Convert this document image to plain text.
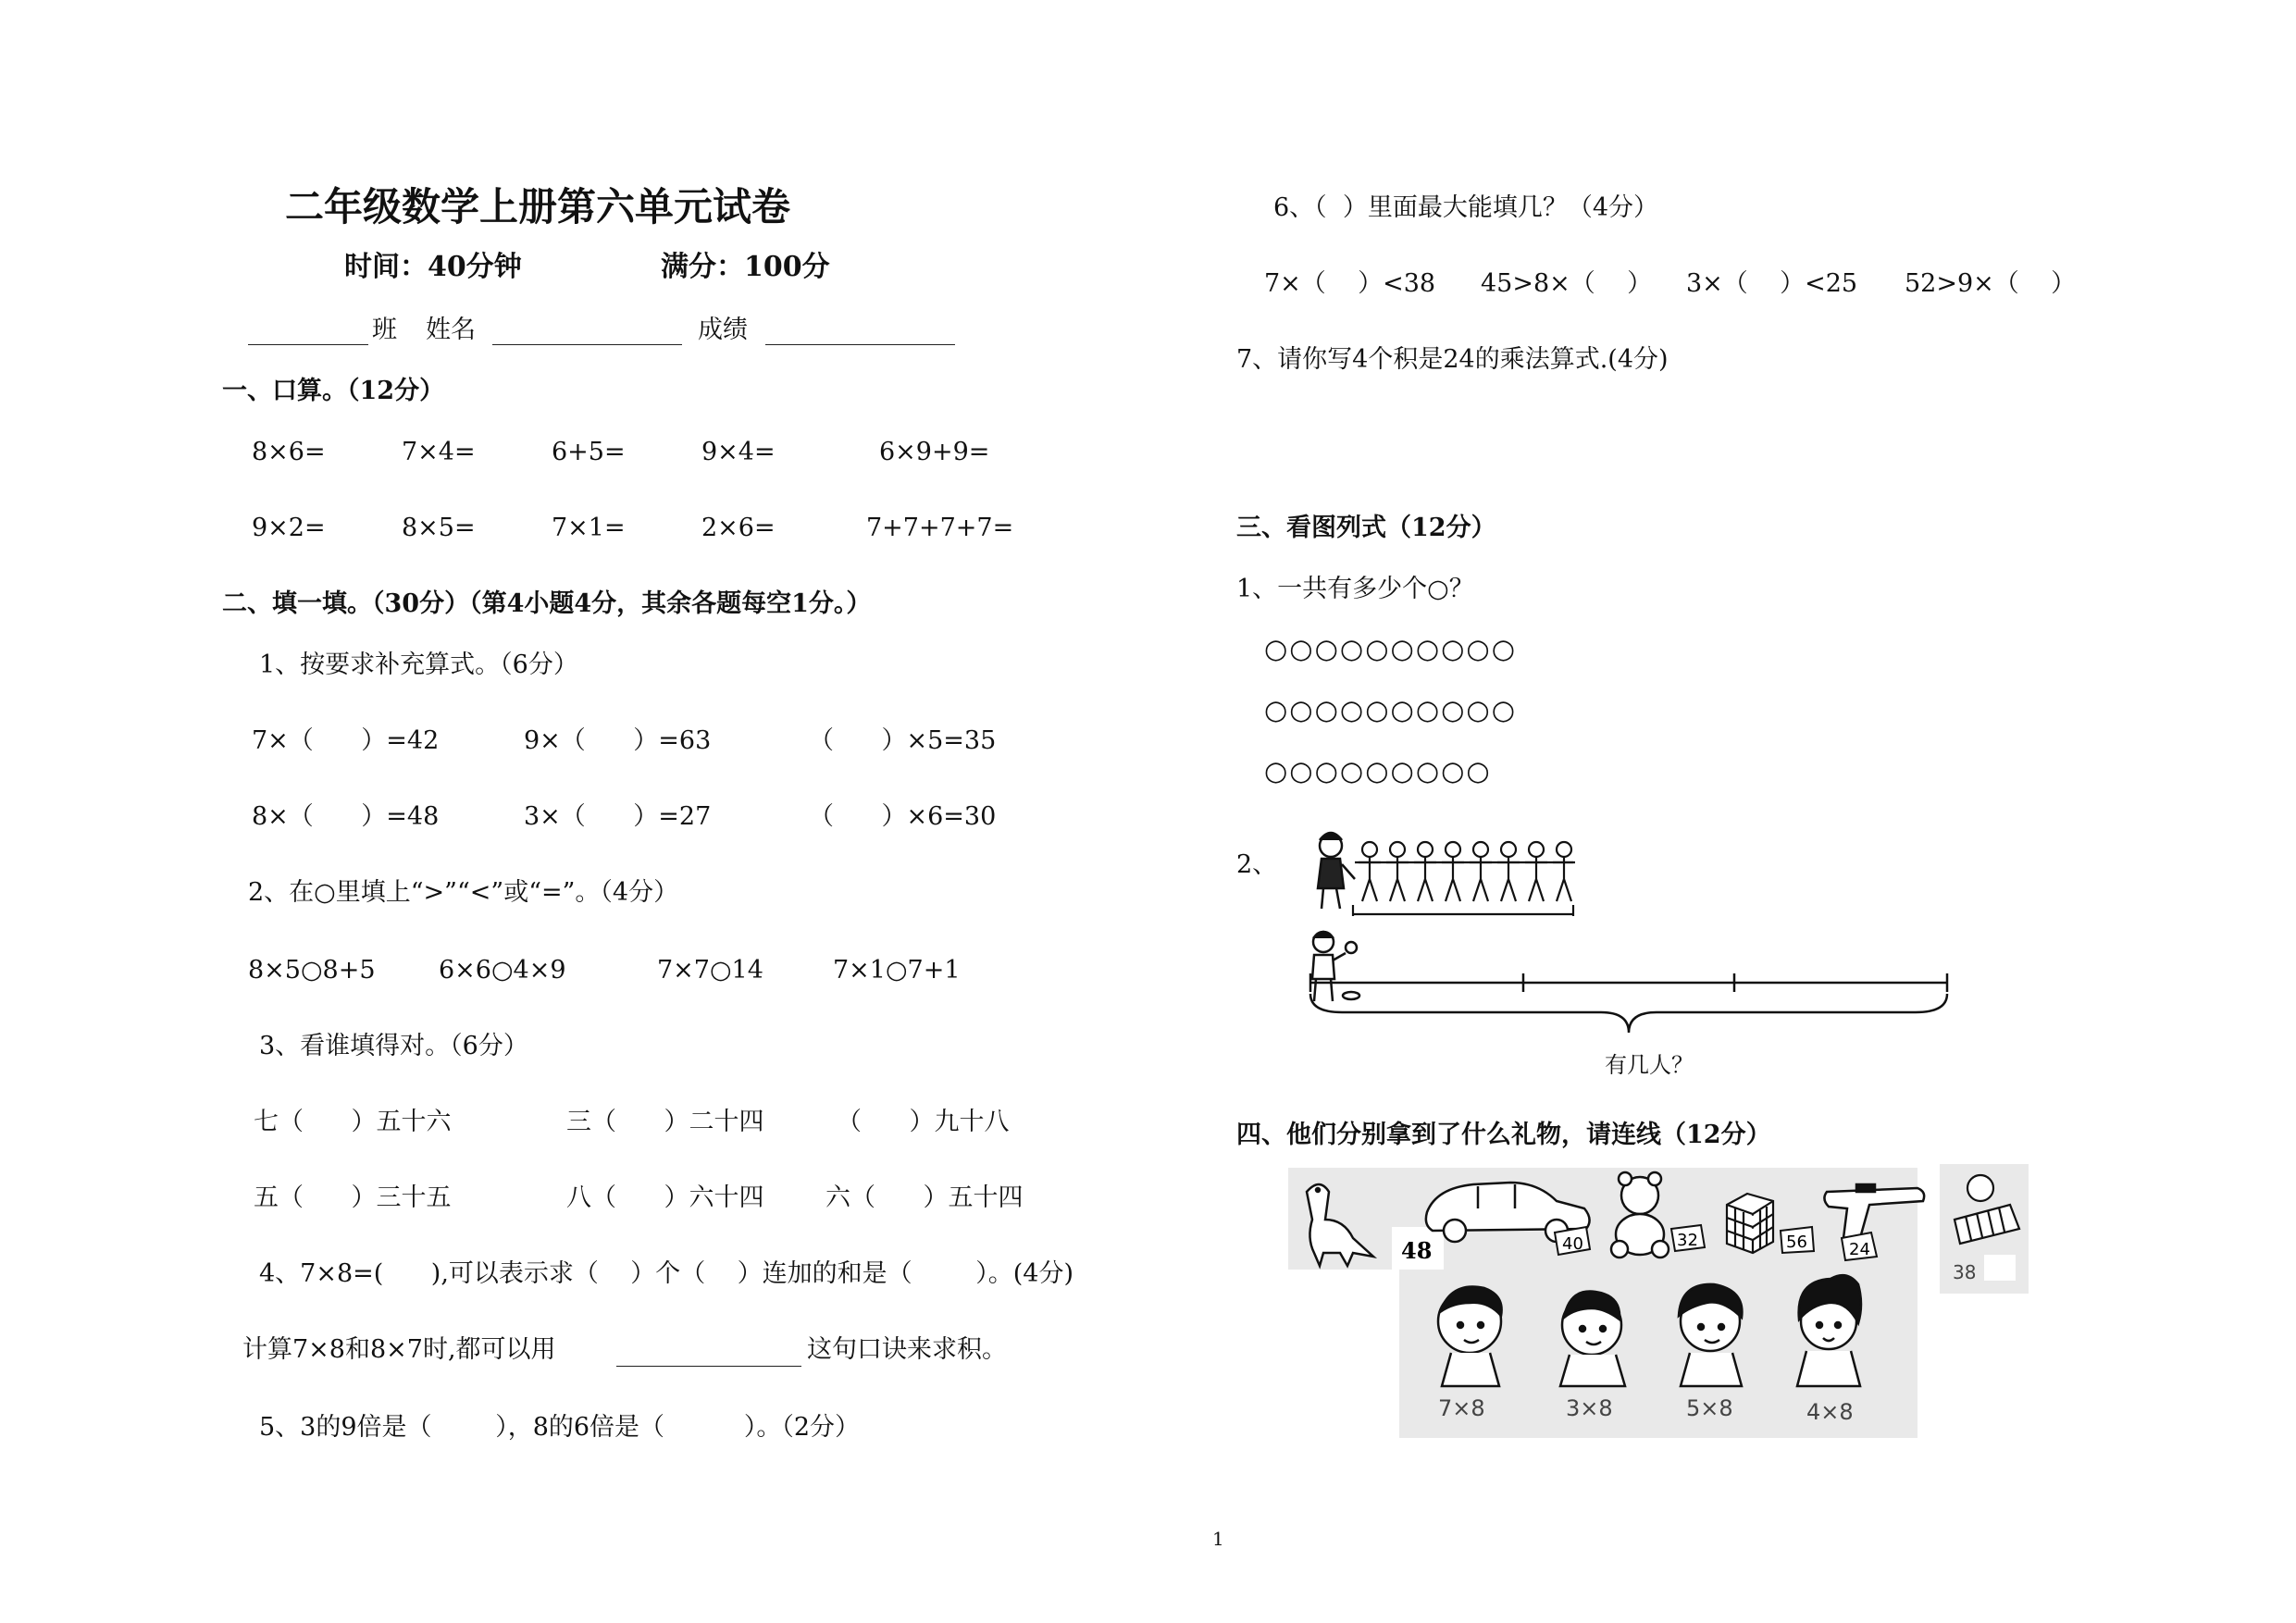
二年级数学上册第六单元试卷
时间：40分钟	满分：100分
班 姓名	成绩
一、口算。（12分）
8×6=	7×4=	6+5=	9×4=	6×9+9=
9×2=	8×5=	7×1=	2×6=	7+7+7+7=
二、填一填。（30分）（第4小题4分，其余各题每空1分。）
1、按要求补充算式。（6分）
7×（      ）=42	9×（      ）=63	（      ）×5=35
8×（      ）=48	3×（      ）=27	（      ）×6=30
2、在○里填上“>”“<”或“=”。（4分）
8×5○8+5	6×6○4×9	7×7○14	7×1○7+1
3、看谁填得对。（6分）
七（      ）五十六	三（      ）二十四	（      ）九十八
五（      ）三十五	八（      ）六十四 六（      ）五十四
4、7×8=(      ),可以表示求（    ）个（    ）连加的和是（        ）。(4分)
计算7×8和8×7时,都可以用	这句口诀来求积。
5、3的9倍是（        ），8的6倍是（          ）。（2分）
6、（  ）里面最大能填几？（4分）
7×（    ）<38 45>8×（    ） 3×（    ）<25 52>9×（    ）
7、请你写4个积是24的乘法算式.(4分)
三、看图列式（12分）
1、一共有多少个○？
○○○○○○○○○○
○○○○○○○○○○
○○○○○○○○○
2、
有几人？
四、他们分别拿到了什么礼物，请连线（12分）
48	40	32	56	24
38
7×8	3×8	5×8	4×8
1
